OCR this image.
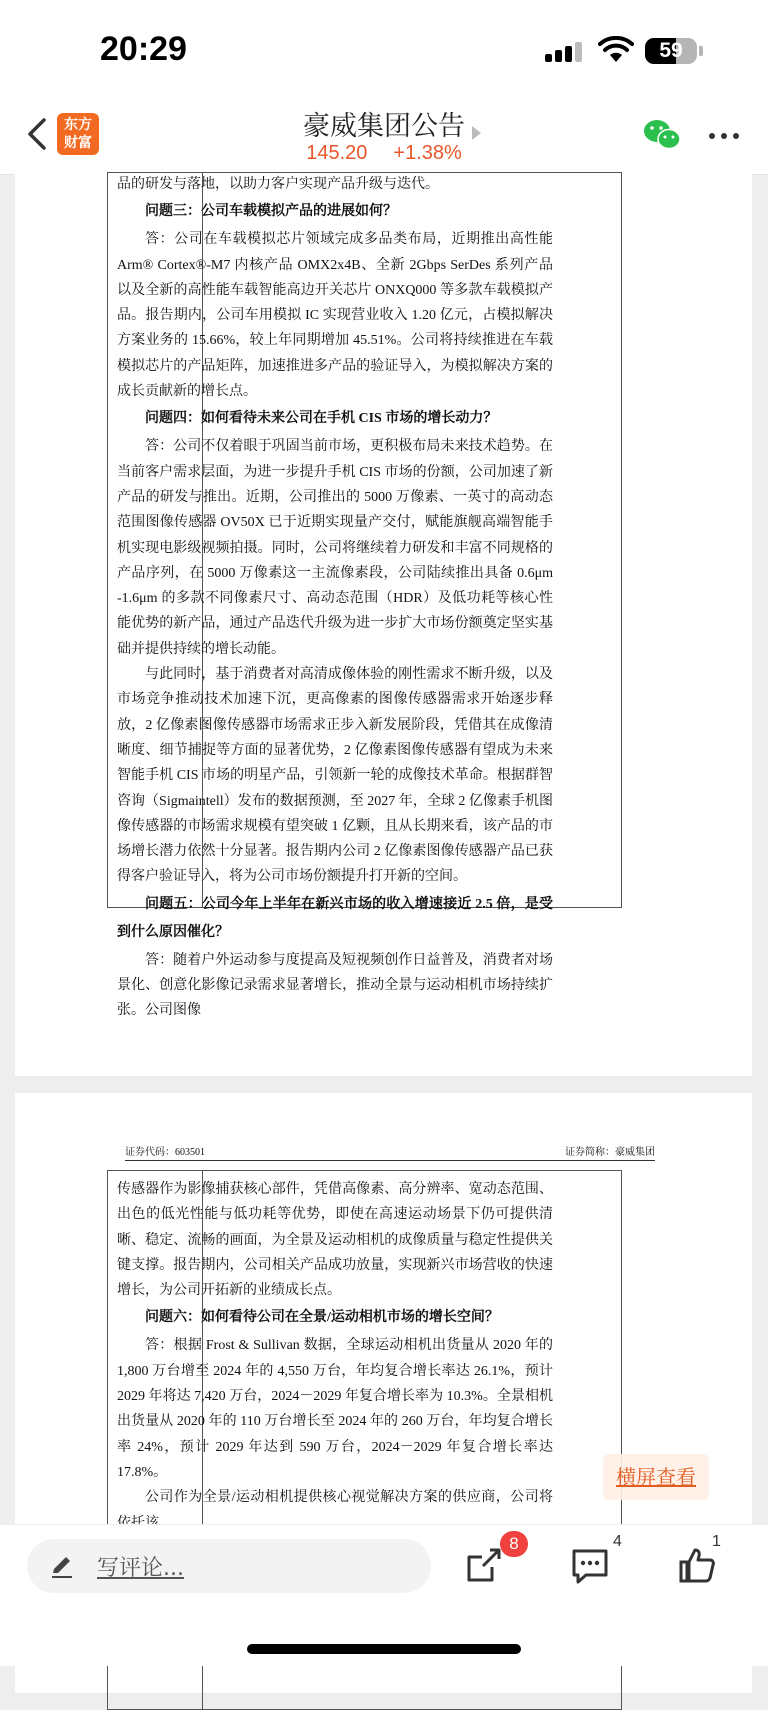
20:29	59
东方财富
豪威集团公告
145.20 +1.38%

品的研发与落地，以助力客户实现产品升级与迭代。

问题三：公司车载模拟产品的进展如何？

答：公司在车载模拟芯片领域完成多品类布局，近期推出高性能 Arm® Cortex®-M7 内核产品 OMX2x4B、全新 2Gbps SerDes 系列产品以及全新的高性能车载智能高边开关芯片 ONXQ000 等多款车载模拟产品。报告期内，公司车用模拟 IC 实现营业收入 1.20 亿元，占模拟解决方案业务的 15.66%，较上年同期增加 45.51%。公司将持续推进在车载模拟芯片的产品矩阵，加速推进多产品的验证导入，为模拟解决方案的成长贡献新的增长点。

问题四：如何看待未来公司在手机 CIS 市场的增长动力？

答：公司不仅着眼于巩固当前市场，更积极布局未来技术趋势。在当前客户需求层面，为进一步提升手机 CIS 市场的份额，公司加速了新产品的研发与推出。近期，公司推出的 5000 万像素、一英寸的高动态范围图像传感器 OV50X 已于近期实现量产交付，赋能旗舰高端智能手机实现电影级视频拍摄。同时，公司将继续着力研发和丰富不同规格的产品序列，在 5000 万像素这一主流像素段，公司陆续推出具备 0.6μm -1.6μm 的多款不同像素尺寸、高动态范围（HDR）及低功耗等核心性能优势的新产品，通过产品迭代升级为进一步扩大市场份额奠定坚实基础并提供持续的增长动能。

与此同时，基于消费者对高清成像体验的刚性需求不断升级，以及市场竞争推动技术加速下沉，更高像素的图像传感器需求开始逐步释放，2 亿像素图像传感器市场需求正步入新发展阶段，凭借其在成像清晰度、细节捕捉等方面的显著优势，2 亿像素图像传感器有望成为未来智能手机 CIS 市场的明星产品，引领新一轮的成像技术革命。根据群智咨询（Sigmaintell）发布的数据预测，至 2027 年，全球 2 亿像素手机图像传感器的市场需求规模有望突破 1 亿颗，且从长期来看，该产品的市场增长潜力依然十分显著。报告期内公司 2 亿像素图像传感器产品已获得客户验证导入，将为公司市场份额提升打开新的空间。

问题五：公司今年上半年在新兴市场的收入增速接近 2.5 倍，是受到什么原因催化？

答：随着户外运动参与度提高及短视频创作日益普及，消费者对场景化、创意化影像记录需求显著增长，推动全景与运动相机市场持续扩张。公司图像

证券代码：603501	证券简称：豪威集团

传感器作为影像捕获核心部件，凭借高像素、高分辨率、宽动态范围、出色的低光性能与低功耗等优势，即使在高速运动场景下仍可提供清晰、稳定、流畅的画面，为全景及运动相机的成像质量与稳定性提供关键支撑。报告期内，公司相关产品成功放量，实现新兴市场营收的快速增长，为公司开拓新的业绩成长点。

问题六：如何看待公司在全景/运动相机市场的增长空间？

答：根据 Frost & Sullivan 数据，全球运动相机出货量从 2020 年的 1,800 万台增至 2024 年的 4,550 万台，年均复合增长率达 26.1%，预计 2029 年将达 7,420 万台，2024－2029 年复合增长率为 10.3%。全景相机出货量从 2020 年的 110 万台增长至 2024 年的 260 万台，年均复合增长率 24%，预计 2029 年达到 590 万台，2024－2029 年复合增长率达 17.8%。

公司作为全景/运动相机提供核心视觉解决方案的供应商，公司将

横屏查看
写评论...
8	4	1
